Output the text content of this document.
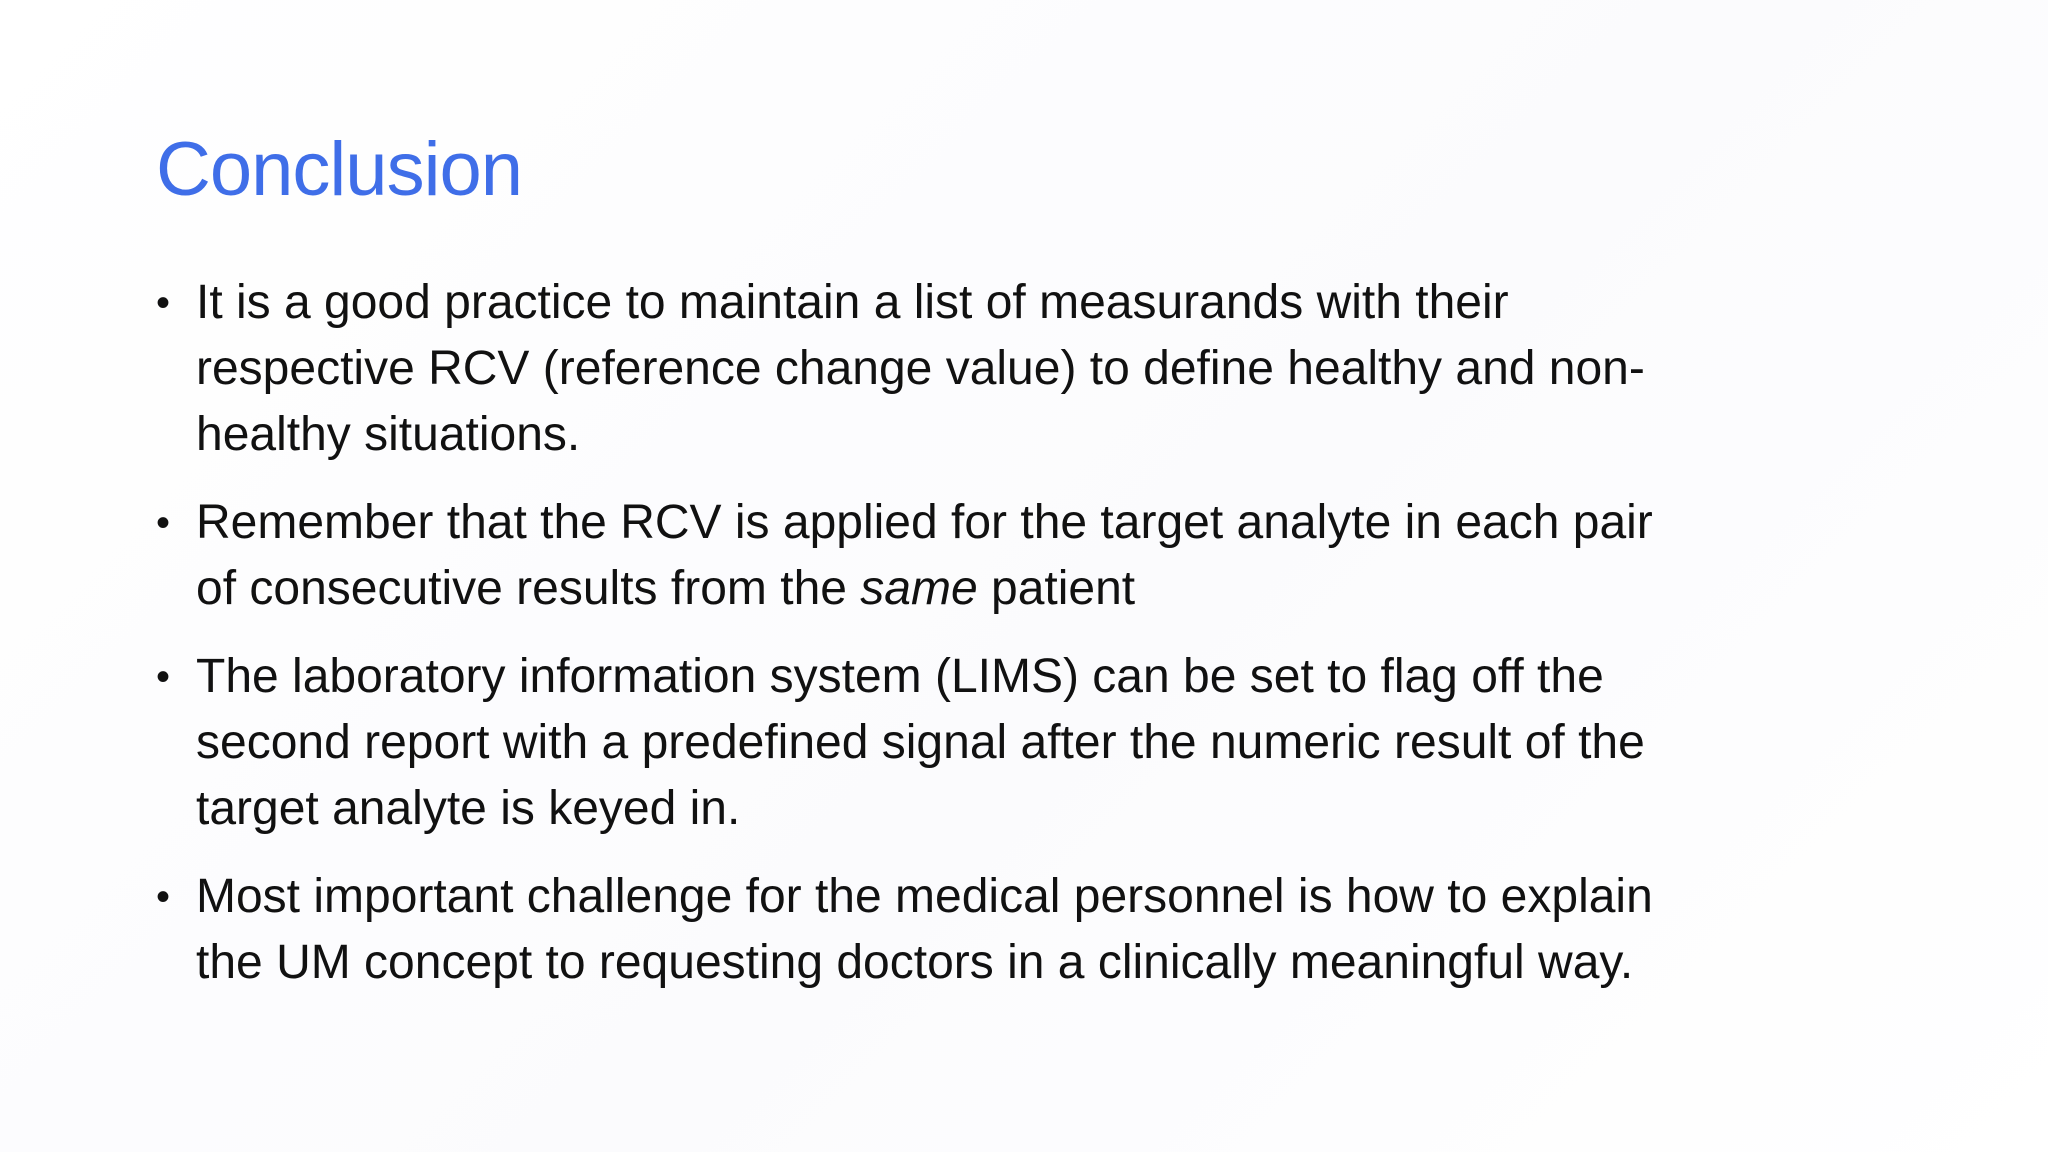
Conclusion
• It is a good practice to maintain a list of measurands with their respective RCV (reference change value) to define healthy and non-healthy situations.
• Remember that the RCV is applied for the target analyte in each pair of consecutive results from the same patient
• The laboratory information system (LIMS) can be set to flag off the second report with a predefined signal after the numeric result of the target analyte is keyed in.
• Most important challenge for the medical personnel is how to explain the UM concept to requesting doctors in a clinically meaningful way.
